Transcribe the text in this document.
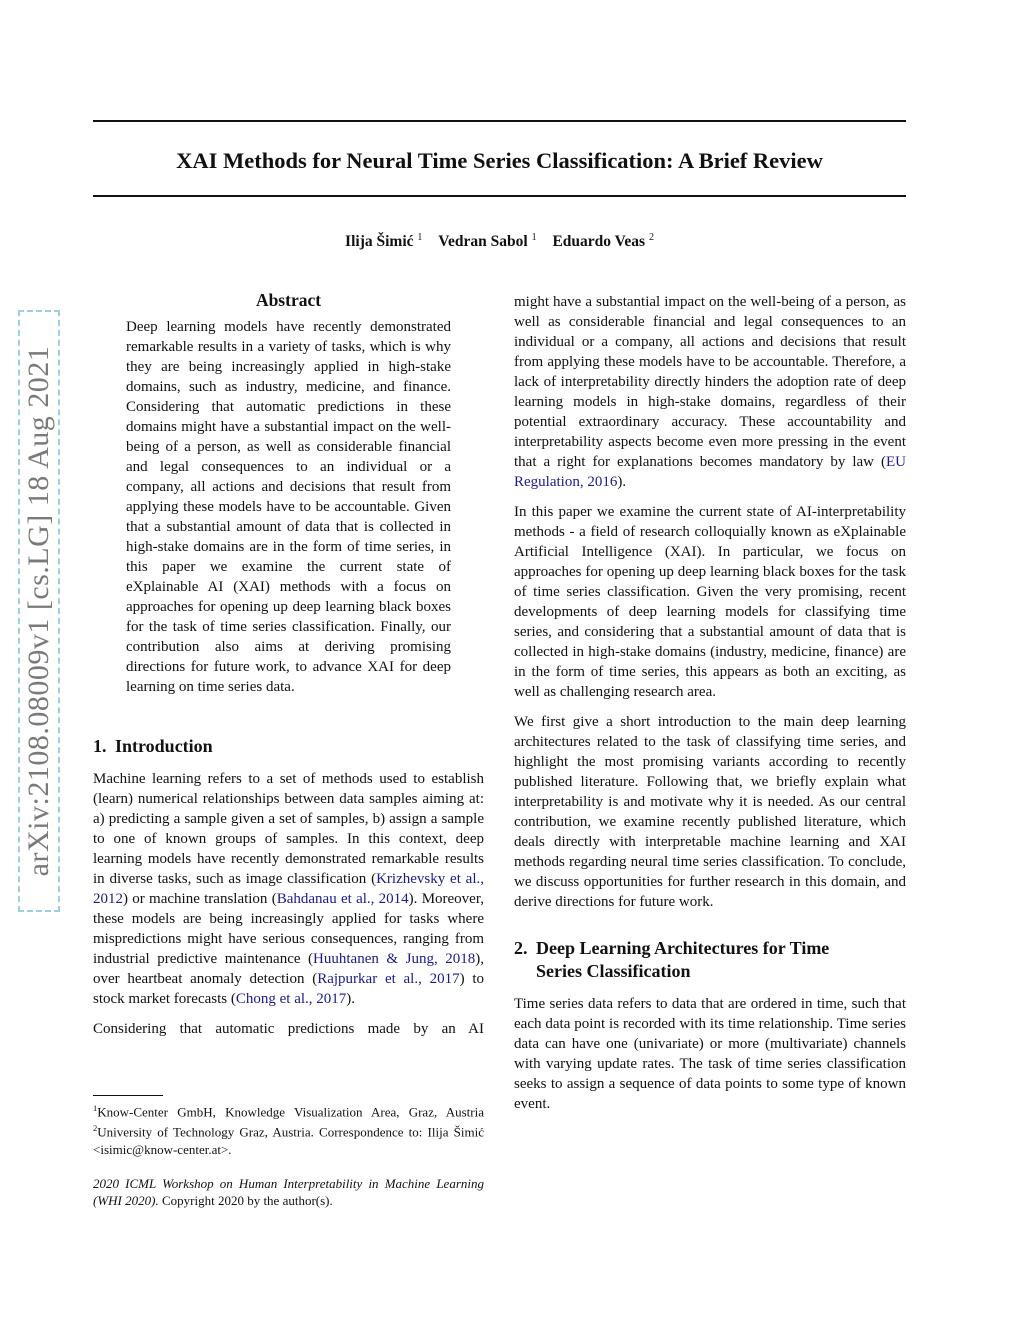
XAI Methods for Neural Time Series Classification: A Brief Review
Ilija Šimić $^1$ Vedran Sabol $^1$ Eduardo Veas $^2$
arXiv:2108.08009v1 [cs.LG] 18 Aug 2021
Abstract

Deep learning models have recently demonstrated remarkable results in a variety of tasks, which is why they are being increasingly applied in high-stake domains, such as industry, medicine, and finance. Considering that automatic predictions in these domains might have a substantial impact on the well-being of a person, as well as considerable financial and legal consequences to an individual or a company, all actions and decisions that result from applying these models have to be accountable. Given that a substantial amount of data that is collected in high-stake domains are in the form of time series, in this paper we examine the current state of eXplainable AI (XAI) methods with a focus on approaches for opening up deep learning black boxes for the task of time series classification. Finally, our contribution also aims at deriving promising directions for future work, to advance XAI for deep learning on time series data.

1. Introduction

Machine learning refers to a set of methods used to establish (learn) numerical relationships between data samples aiming at: a) predicting a sample given a set of samples, b) assign a sample to one of known groups of samples. In this context, deep learning models have recently demonstrated remarkable results in diverse tasks, such as image classification (Krizhevsky et al., 2012) or machine translation (Bahdanau et al., 2014). Moreover, these models are being increasingly applied for tasks where mispredictions might have serious consequences, ranging from industrial predictive maintenance (Huuhtanen & Jung, 2018), over heartbeat anomaly detection (Rajpurkar et al., 2017) to stock market forecasts (Chong et al., 2017).

Considering that automatic predictions made by an AI

$^1$Know-Center GmbH, Knowledge Visualization Area, Graz, Austria $^2$University of Technology Graz, Austria. Correspondence to: Ilija Šimić <isimic@know-center.at>.

2020 ICML Workshop on Human Interpretability in Machine Learning (WHI 2020). Copyright 2020 by the author(s).

might have a substantial impact on the well-being of a person, as well as considerable financial and legal consequences to an individual or a company, all actions and decisions that result from applying these models have to be accountable. Therefore, a lack of interpretability directly hinders the adoption rate of deep learning models in high-stake domains, regardless of their potential extraordinary accuracy. These accountability and interpretability aspects become even more pressing in the event that a right for explanations becomes mandatory by law (EU Regulation, 2016).

In this paper we examine the current state of AI-interpretability methods - a field of research colloquially known as eXplainable Artificial Intelligence (XAI). In particular, we focus on approaches for opening up deep learning black boxes for the task of time series classification. Given the very promising, recent developments of deep learning models for classifying time series, and considering that a substantial amount of data that is collected in high-stake domains (industry, medicine, finance) are in the form of time series, this appears as both an exciting, as well as challenging research area.

We first give a short introduction to the main deep learning architectures related to the task of classifying time series, and highlight the most promising variants according to recently published literature. Following that, we briefly explain what interpretability is and motivate why it is needed. As our central contribution, we examine recently published literature, which deals directly with interpretable machine learning and XAI methods regarding neural time series classification. To conclude, we discuss opportunities for further research in this domain, and derive directions for future work.

2. Deep Learning Architectures for Time
Series Classification

Time series data refers to data that are ordered in time, such that each data point is recorded with its time relationship. Time series data can have one (univariate) or more (multivariate) channels with varying update rates. The task of time series classification seeks to assign a sequence of data points to some type of known event.
